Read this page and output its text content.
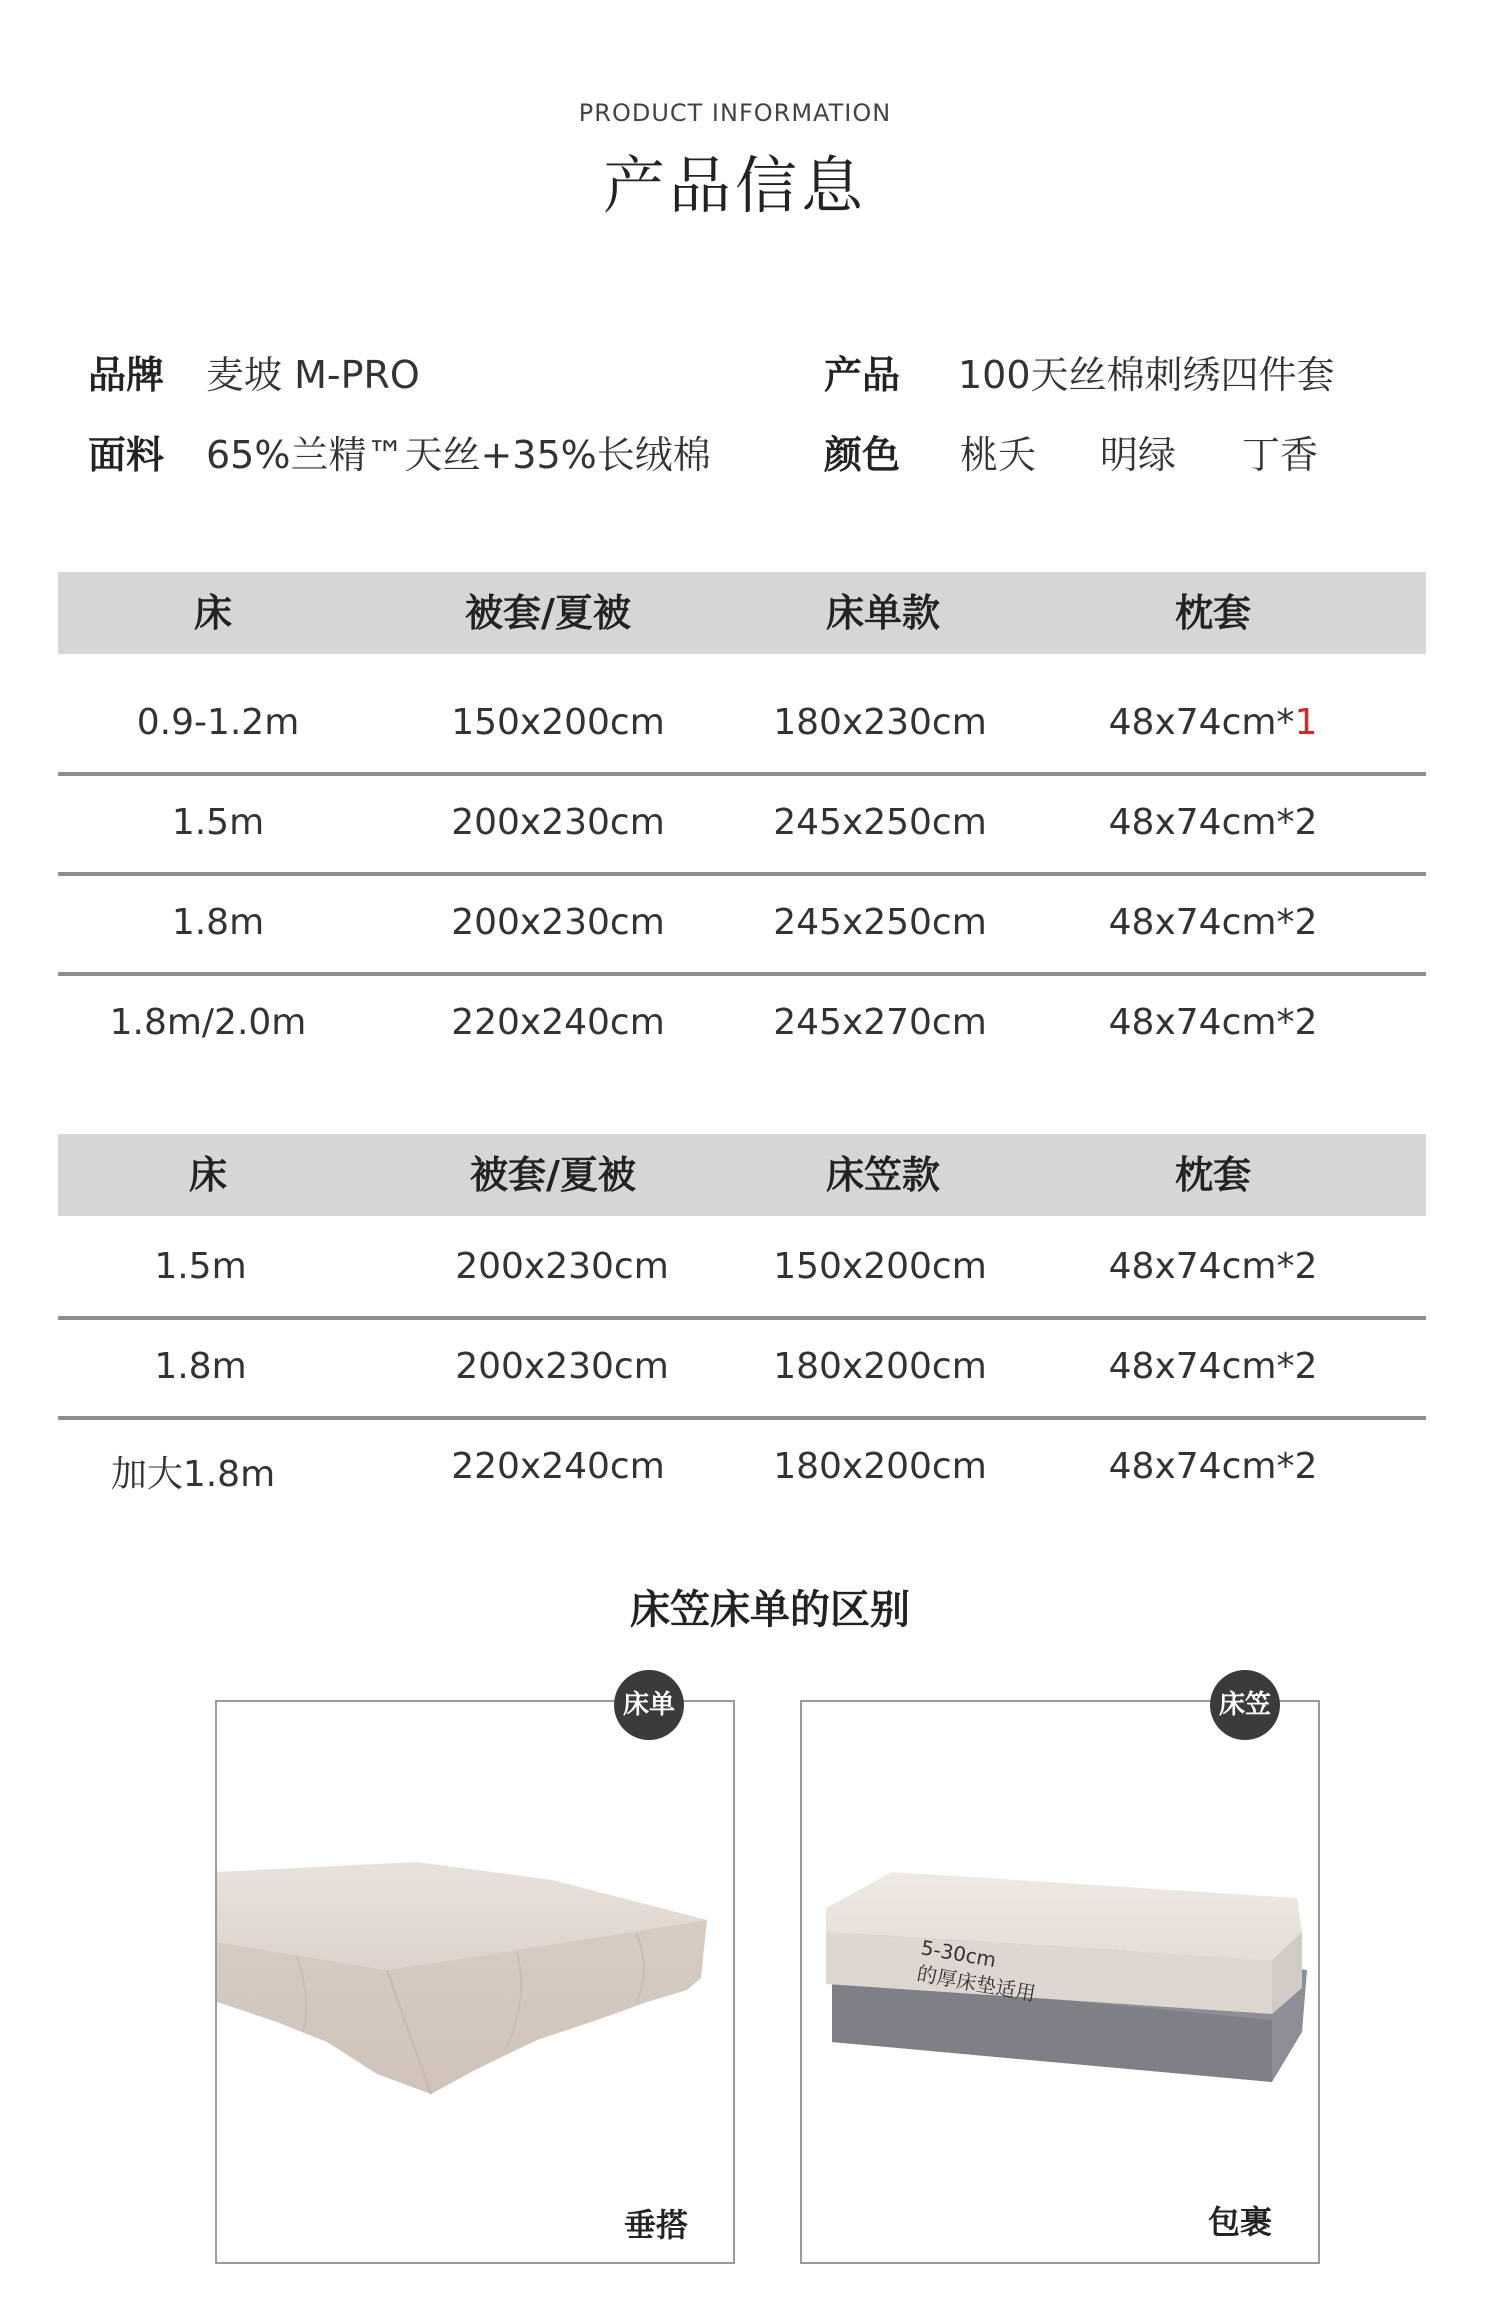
PRODUCT INFORMATION
产品信息
品牌 麦坡 M-PRO	产品 100天丝棉刺绣四件套
面料 65%兰精™天丝+35%长绒棉	颜色 桃夭 明绿 丁香
床	被套/夏被	床单款	枕套
0.9-1.2m	150x200cm	180x230cm	48x74cm*1
1.5m	200x230cm	245x250cm	48x74cm*2
1.8m	200x230cm	245x250cm	48x74cm*2
1.8m/2.0m	220x240cm	245x270cm	48x74cm*2
床	被套/夏被	床笠款	枕套
1.5m	200x230cm	150x200cm	48x74cm*2
1.8m	200x230cm	180x200cm	48x74cm*2
加大1.8m	220x240cm	180x200cm	48x74cm*2
床笠床单的区别
垂搭
床单
5-30cm
的厚床垫适用
包裹
床笠
